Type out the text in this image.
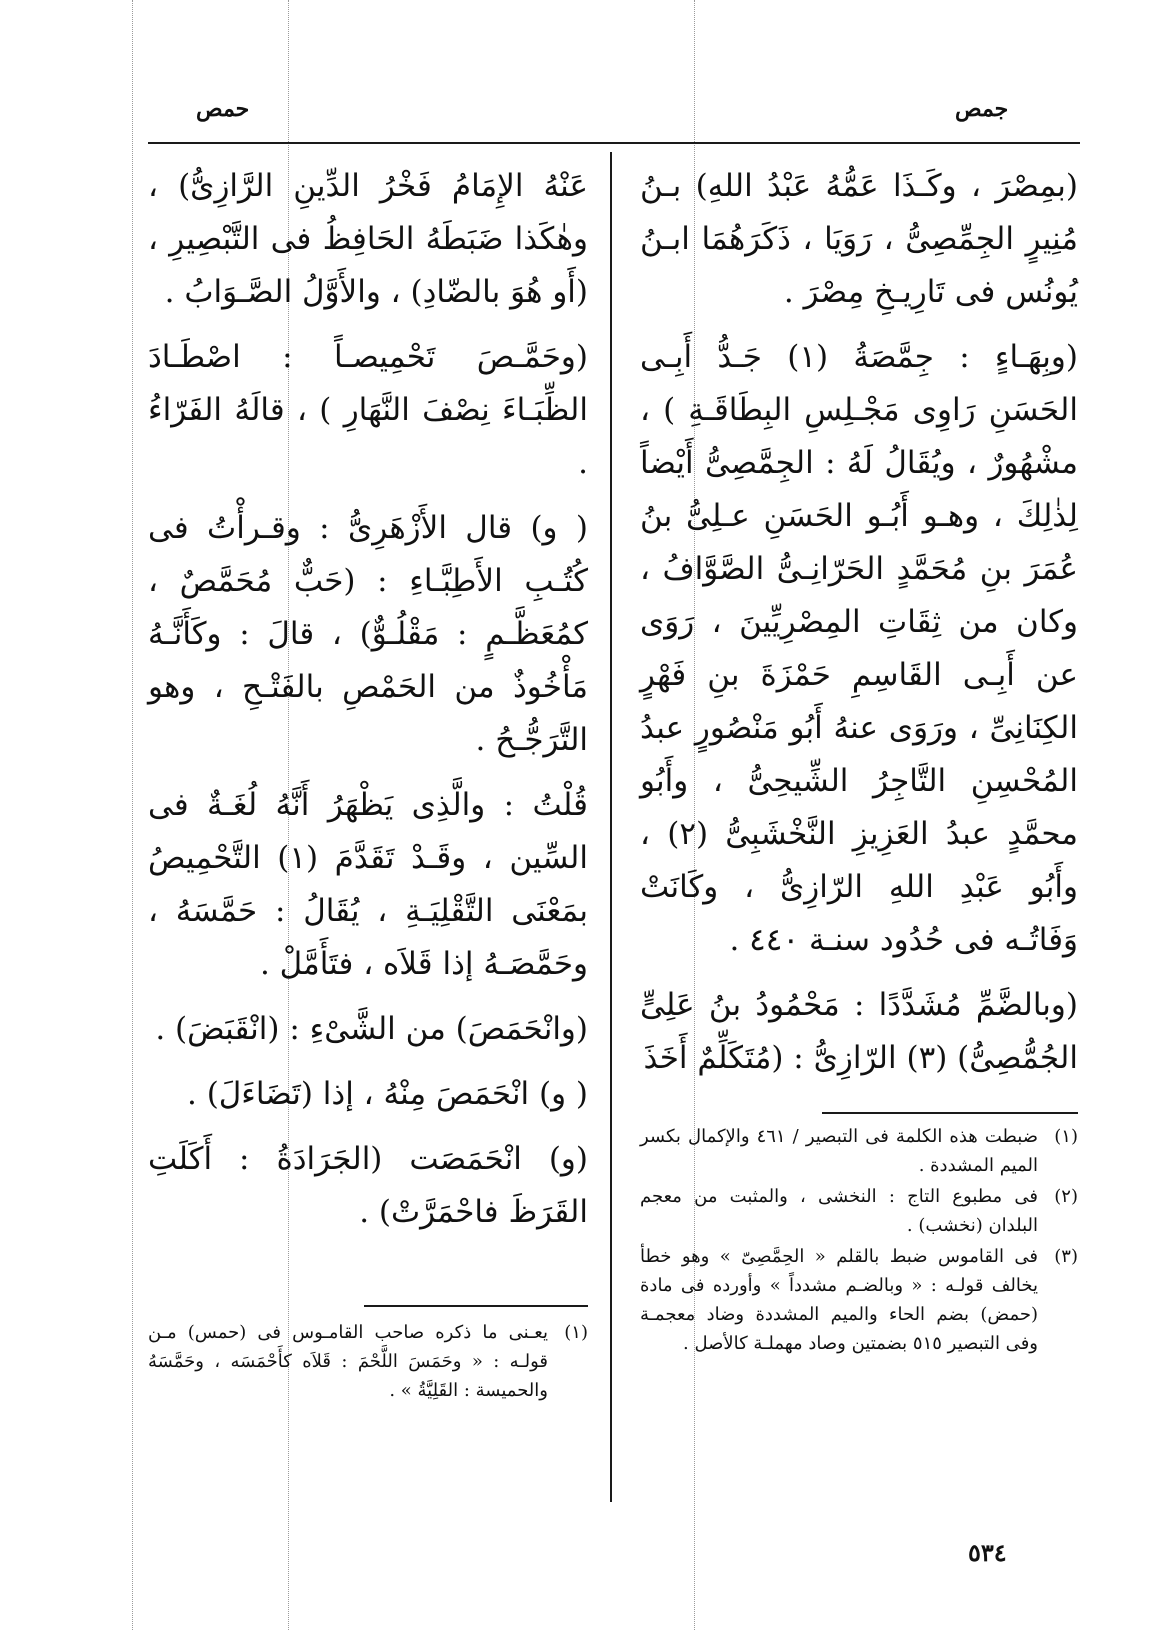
جمص
حمص

(بمِصْرَ ، وكَـذَا عَمُّهُ عَبْدُ اللهِ) بـنُ مُنِيرٍ الجِمِّصِىُّ ، رَوَيَا ، ذَكَرَهُمَا ابـنُ يُونُس فى تَارِيـخِ مِصْرَ .

(وبِهَـاءٍ : جِمَّصَةُ (١) جَـدُّ أَبِـى الحَسَنِ رَاوِى مَجْـلِسِ البِطَاقَـةِ ) ، مشْهُورٌ ، ويُقَالُ لَهُ : الجِمَّصِىُّ أَيْضاً لِذٰلِكَ ، وهـو أَبُـو الحَسَنِ عـلِىُّ بنُ عُمَرَ بنِ مُحَمَّدٍ الحَرّانِـىُّ الصَّوَّافُ ، وكان من ثِقَاتِ المِصْرِيِّينَ ، رَوَى عن أَبِـى القَاسِمِ حَمْزَةَ بنِ فَهْرٍ الكِنَانِىِّ ، ورَوَى عنهُ أَبُو مَنْصُورٍ عبدُ المُحْسِنِ التَّاجِرُ الشِّيحِىُّ ، وأَبُو محمَّدٍ عبدُ العَزِيزِ النَّخْشَبِىُّ (٢) ، وأَبُو عَبْدِ اللهِ الرّازِىُّ ، وكَانَتْ وَفَاتُـه فى حُدُود سنـة ٤٤٠ .

(وبالضَّمِّ مُشَدَّدًا : مَحْمُودُ بنُ عَلِىٍّ الجُمُّصِىُّ) (٣) الرّازِىُّ : (مُتَكَلِّمٌ أَخَذَ

عَنْهُ الإِمَامُ فَخْرُ الدِّينِ الرَّازِىُّ) ، وهٰكَذا ضَبَطَهُ الحَافِظُ فى التَّبْصِيرِ ، (أَو هُوَ بالضّادِ) ، والأَوَّلُ الصَّـوَابُ .

(وحَمَّـصَ تَحْمِيصـاً : اصْطَـادَ الظِّبَـاءَ نِصْفَ النَّهَارِ ) ، قالَهُ الفَرّاءُ .

( و) قال الأَزْهَرِىُّ : وقـرأْتُ فى كُتُـبِ الأَطِبَّـاءِ : (حَبٌّ مُحَمَّصٌ ، كمُعَظَّـمٍ : مَقْلُـوٌّ) ، قالَ : وكَأَنَّـهُ مَأْخُوذٌ من الحَمْصِ بالفَتْـحِ ، وهو التَّرَجُّـحُ .

قُلْتُ : والَّذِى يَظْهَرُ أَنَّهُ لُغَـةٌ فى السِّين ، وقَـدْ تَقَدَّمَ (١) التَّحْمِيصُ بمَعْنَى التَّقْلِيَـةِ ، يُقَالُ : حَمَّسَهُ ، وحَمَّصَـهُ إذا قَلاَه ، فتَأَمَّلْ .

(وانْحَمَصَ) من الشَّىْءِ : (انْقَبَضَ) .

( و) انْحَمَصَ مِنْهُ ، إذا (تَضَاءَلَ) .

(و) انْحَمَصَت (الجَرَادَةُ : أَكَلَتِ القَرَظَ فاحْمَرَّتْ) .

(١)
ضبطت هذه الكلمة فى التبصير / ٤٦١ والإكمال بكسر الميم المشددة .
(٢)
فى مطبوع التاج : النخشى ، والمثبت من معجم البلدان (نخشب) .
(٣)
فى القاموس ضبط بالقلم « الحِمَّصِىّ » وهو خطأ يخالف قولـه : « وبالضـم مشدداً » وأورده فى مادة (حمض) بضم الحاء والميم المشددة وضاد معجمـة وفى التبصير ٥١٥ بضمتين وصاد مهملـة كالأصل .
(١)
يعـنى ما ذكره صاحب القامـوس فى (حمس) مـن قولـه : « وحَمَسَ اللَّحْمَ : قَلاَه كأَحْمَسَه ، وحَمَّسَهُ والحميسة : القَلِيَّةُ » .
٥٣٤
